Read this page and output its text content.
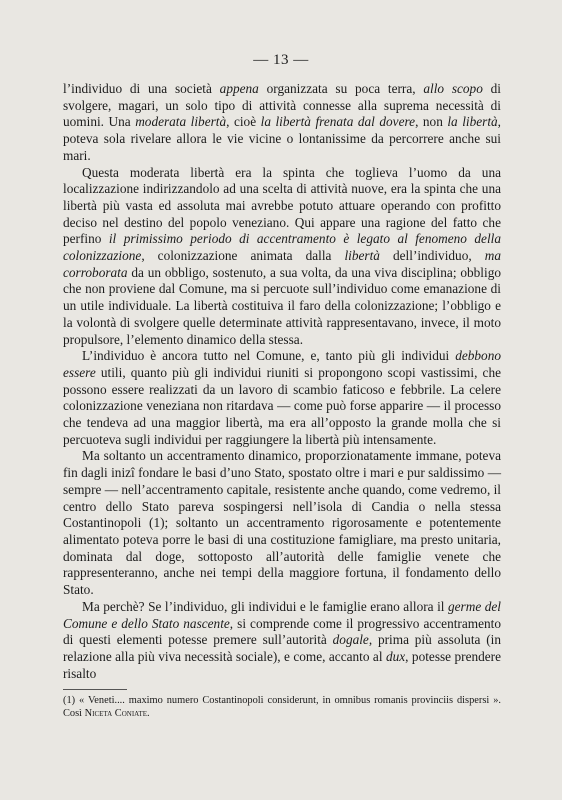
— 13 —

l’individuo di una società appena organizzata su poca terra, allo scopo di svolgere, magari, un solo tipo di attività connesse alla suprema necessità di uomini. Una moderata libertà, cioè la libertà frenata dal dovere, non la libertà, poteva sola rivelare allora le vie vicine o lontanissime da percorrere anche sui mari.

Questa moderata libertà era la spinta che toglieva l’uomo da una localizzazione indirizzandolo ad una scelta di attività nuove, era la spinta che una libertà più vasta ed assoluta mai avrebbe potuto attuare operando con profitto deciso nel destino del popolo veneziano. Qui appare una ragione del fatto che perfino il primissimo periodo di accentramento è legato al fenomeno della colonizzazione, colonizzazione animata dalla libertà dell’individuo, ma corroborata da un obbligo, sostenuto, a sua volta, da una viva disciplina; obbligo che non proviene dal Comune, ma si percuote sull’individuo come emanazione di un utile individuale. La libertà costituiva il faro della colonizzazione; l’obbligo e la volontà di svolgere quelle determinate attività rappresentavano, invece, il moto propulsore, l’elemento dinamico della stessa.

L’individuo è ancora tutto nel Comune, e, tanto più gli individui debbono essere utili, quanto più gli individui riuniti si propongono scopi vastissimi, che possono essere realizzati da un lavoro di scambio faticoso e febbrile. La celere colonizzazione veneziana non ritardava — come può forse apparire — il processo che tendeva ad una maggior libertà, ma era all’opposto la grande molla che si percuoteva sugli individui per raggiungere la libertà più intensamente.

Ma soltanto un accentramento dinamico, proporzionatamente immane, poteva fin dagli inizî fondare le basi d’uno Stato, spostato oltre i mari e pur saldissimo — sempre — nell’accentramento capitale, resistente anche quando, come vedremo, il centro dello Stato pareva sospingersi nell’isola di Candia o nella stessa Costantinopoli (1); soltanto un accentramento rigorosamente e potentemente alimentato poteva porre le basi di una costituzione famigliare, ma presto unitaria, dominata dal doge, sottoposto all’autorità delle famiglie venete che rappresenteranno, anche nei tempi della maggiore fortuna, il fondamento dello Stato.

Ma perchè? Se l’individuo, gli individui e le famiglie erano allora il germe del Comune e dello Stato nascente, si comprende come il progressivo accentramento di questi elementi potesse premere sull’autorità dogale, prima più assoluta (in relazione alla più viva necessità sociale), e come, accanto al dux, potesse prendere risalto

(1) « Veneti.... maximo numero Costantinopoli considerunt, in omnibus romanis provinciis dispersi ». Così Niceta Coniate.
